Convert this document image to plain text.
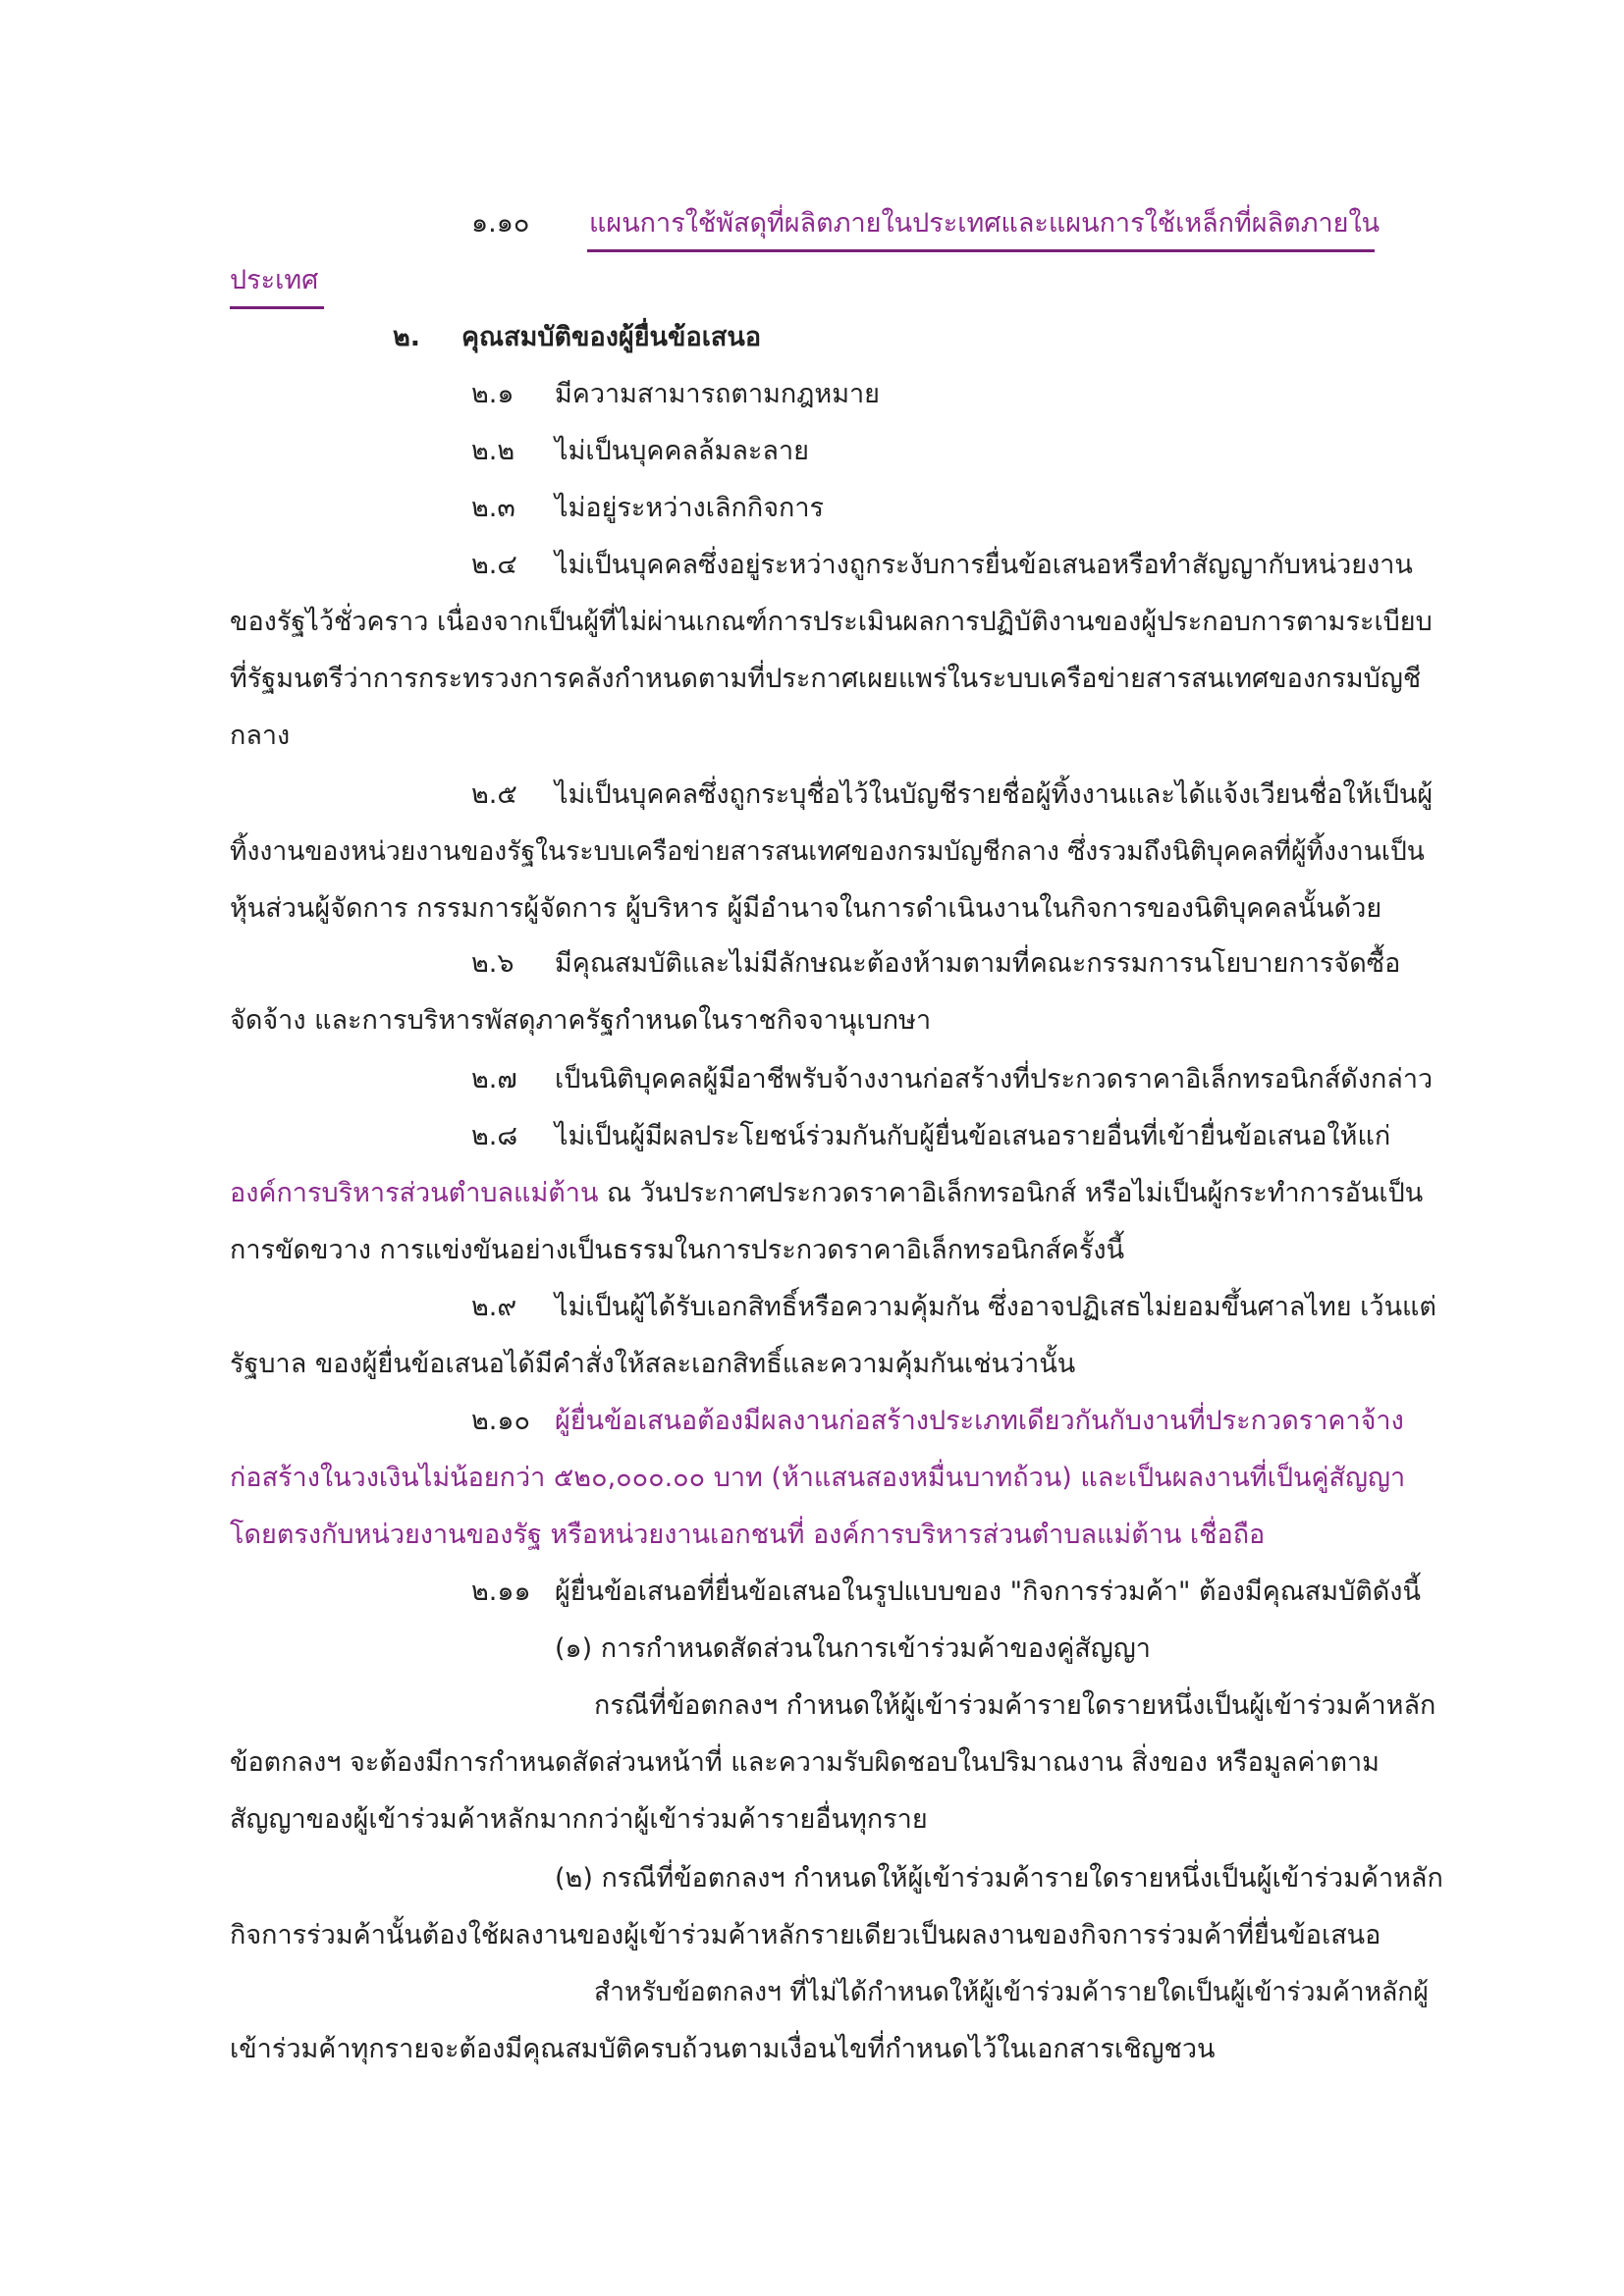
๑.๑๐ แผนการใช้พัสดุที่ผลิตภายในประเทศและแผนการใช้เหล็กที่ผลิตภายใน
ประเทศ
๒. คุณสมบัติของผู้ยื่นข้อเสนอ
๒.๑ มีความสามารถตามกฎหมาย
๒.๒ ไม่เป็นบุคคลล้มละลาย
๒.๓ ไม่อยู่ระหว่างเลิกกิจการ
๒.๔ ไม่เป็นบุคคลซึ่งอยู่ระหว่างถูกระงับการยื่นข้อเสนอหรือทำสัญญากับหน่วยงาน
ของรัฐไว้ชั่วคราว เนื่องจากเป็นผู้ที่ไม่ผ่านเกณฑ์การประเมินผลการปฏิบัติงานของผู้ประกอบการตามระเบียบ
ที่รัฐมนตรีว่าการกระทรวงการคลังกำหนดตามที่ประกาศเผยแพร่ในระบบเครือข่ายสารสนเทศของกรมบัญชี
กลาง
๒.๕ ไม่เป็นบุคคลซึ่งถูกระบุชื่อไว้ในบัญชีรายชื่อผู้ทิ้งงานและได้แจ้งเวียนชื่อให้เป็นผู้
ทิ้งงานของหน่วยงานของรัฐในระบบเครือข่ายสารสนเทศของกรมบัญชีกลาง ซึ่งรวมถึงนิติบุคคลที่ผู้ทิ้งงานเป็น
หุ้นส่วนผู้จัดการ กรรมการผู้จัดการ ผู้บริหาร ผู้มีอำนาจในการดำเนินงานในกิจการของนิติบุคคลนั้นด้วย
๒.๖ มีคุณสมบัติและไม่มีลักษณะต้องห้ามตามที่คณะกรรมการนโยบายการจัดซื้อ
จัดจ้าง และการบริหารพัสดุภาครัฐกำหนดในราชกิจจานุเบกษา
๒.๗ เป็นนิติบุคคลผู้มีอาชีพรับจ้างงานก่อสร้างที่ประกวดราคาอิเล็กทรอนิกส์ดังกล่าว
๒.๘ ไม่เป็นผู้มีผลประโยชน์ร่วมกันกับผู้ยื่นข้อเสนอรายอื่นที่เข้ายื่นข้อเสนอให้แก่
องค์การบริหารส่วนตำบลแม่ต้าน ณ วันประกาศประกวดราคาอิเล็กทรอนิกส์ หรือไม่เป็นผู้กระทำการอันเป็น
การขัดขวาง การแข่งขันอย่างเป็นธรรมในการประกวดราคาอิเล็กทรอนิกส์ครั้งนี้
๒.๙ ไม่เป็นผู้ได้รับเอกสิทธิ์หรือความคุ้มกัน ซึ่งอาจปฏิเสธไม่ยอมขึ้นศาลไทย เว้นแต่
รัฐบาล ของผู้ยื่นข้อเสนอได้มีคำสั่งให้สละเอกสิทธิ์และความคุ้มกันเช่นว่านั้น
๒.๑๐ ผู้ยื่นข้อเสนอต้องมีผลงานก่อสร้างประเภทเดียวกันกับงานที่ประกวดราคาจ้าง
ก่อสร้างในวงเงินไม่น้อยกว่า ๕๒๐,๐๐๐.๐๐ บาท (ห้าแสนสองหมื่นบาทถ้วน) และเป็นผลงานที่เป็นคู่สัญญา
โดยตรงกับหน่วยงานของรัฐ หรือหน่วยงานเอกชนที่ องค์การบริหารส่วนตำบลแม่ต้าน เชื่อถือ
๒.๑๑ ผู้ยื่นข้อเสนอที่ยื่นข้อเสนอในรูปแบบของ "กิจการร่วมค้า" ต้องมีคุณสมบัติดังนี้
(๑) การกำหนดสัดส่วนในการเข้าร่วมค้าของคู่สัญญา
กรณีที่ข้อตกลงฯ กำหนดให้ผู้เข้าร่วมค้ารายใดรายหนึ่งเป็นผู้เข้าร่วมค้าหลัก
ข้อตกลงฯ จะต้องมีการกำหนดสัดส่วนหน้าที่ และความรับผิดชอบในปริมาณงาน สิ่งของ หรือมูลค่าตาม
สัญญาของผู้เข้าร่วมค้าหลักมากกว่าผู้เข้าร่วมค้ารายอื่นทุกราย
(๒) กรณีที่ข้อตกลงฯ กำหนดให้ผู้เข้าร่วมค้ารายใดรายหนึ่งเป็นผู้เข้าร่วมค้าหลัก
กิจการร่วมค้านั้นต้องใช้ผลงานของผู้เข้าร่วมค้าหลักรายเดียวเป็นผลงานของกิจการร่วมค้าที่ยื่นข้อเสนอ
สำหรับข้อตกลงฯ ที่ไม่ได้กำหนดให้ผู้เข้าร่วมค้ารายใดเป็นผู้เข้าร่วมค้าหลักผู้
เข้าร่วมค้าทุกรายจะต้องมีคุณสมบัติครบถ้วนตามเงื่อนไขที่กำหนดไว้ในเอกสารเชิญชวน
